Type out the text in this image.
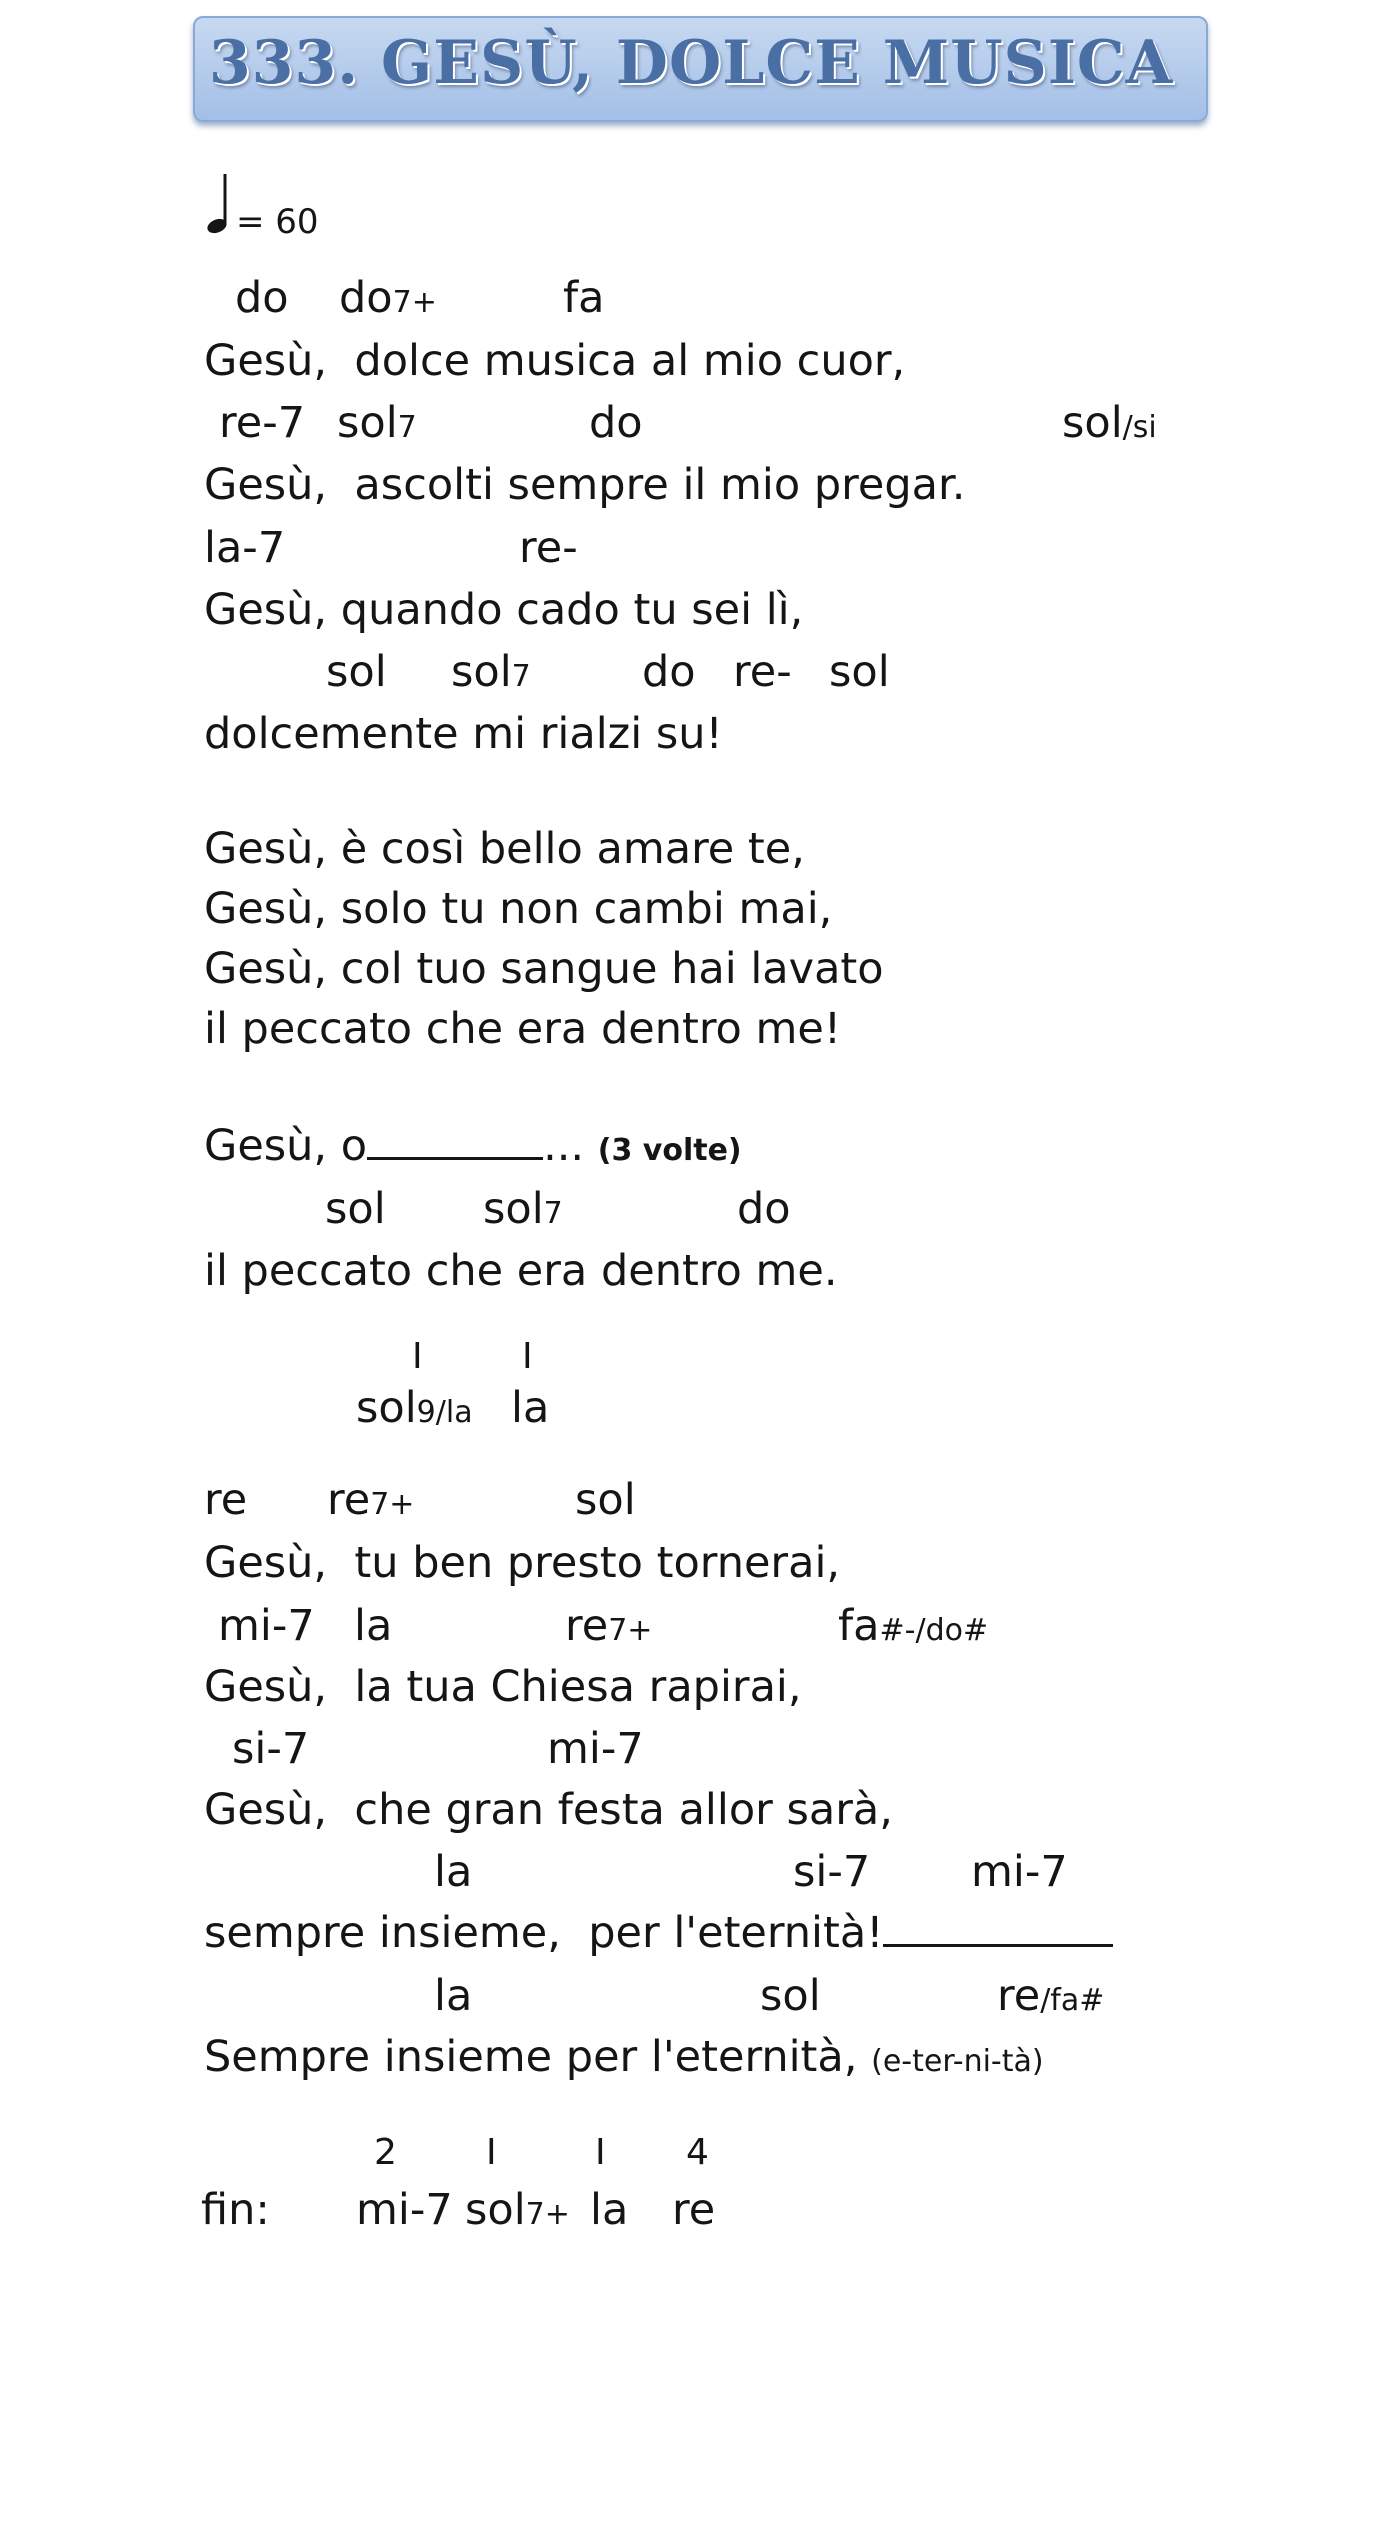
333. GESÙ, DOLCE MUSICA
= 60
do do7+	fa
Gesù,  dolce musica al mio cuor,
re-7 sol7	do	sol/si
Gesù,  ascolti sempre il mio pregar.
la-7	re-
Gesù, quando cado tu sei lì,
sol sol7	do re- sol
dolcemente mi rialzi su!
Gesù, è così bello amare te,
Gesù, solo tu non cambi mai,
Gesù, col tuo sangue hai lavato
il peccato che era dentro me!
Gesù, o	... (3 volte)
sol sol7	do
il peccato che era dentro me.
I	I
sol9/la la
re re7+	sol
Gesù,  tu ben presto tornerai,
mi-7 la	re7+	fa#-/do#
Gesù,  la tua Chiesa rapirai,
si-7	mi-7
Gesù,  che gran festa allor sarà,
la	si-7 mi-7
sempre insieme,  per l'eternità!
la	sol	re/fa#
Sempre insieme per l'eternità, (e-ter-ni-tà)
2 I	I 4
fin: mi-7 sol7+ la re
